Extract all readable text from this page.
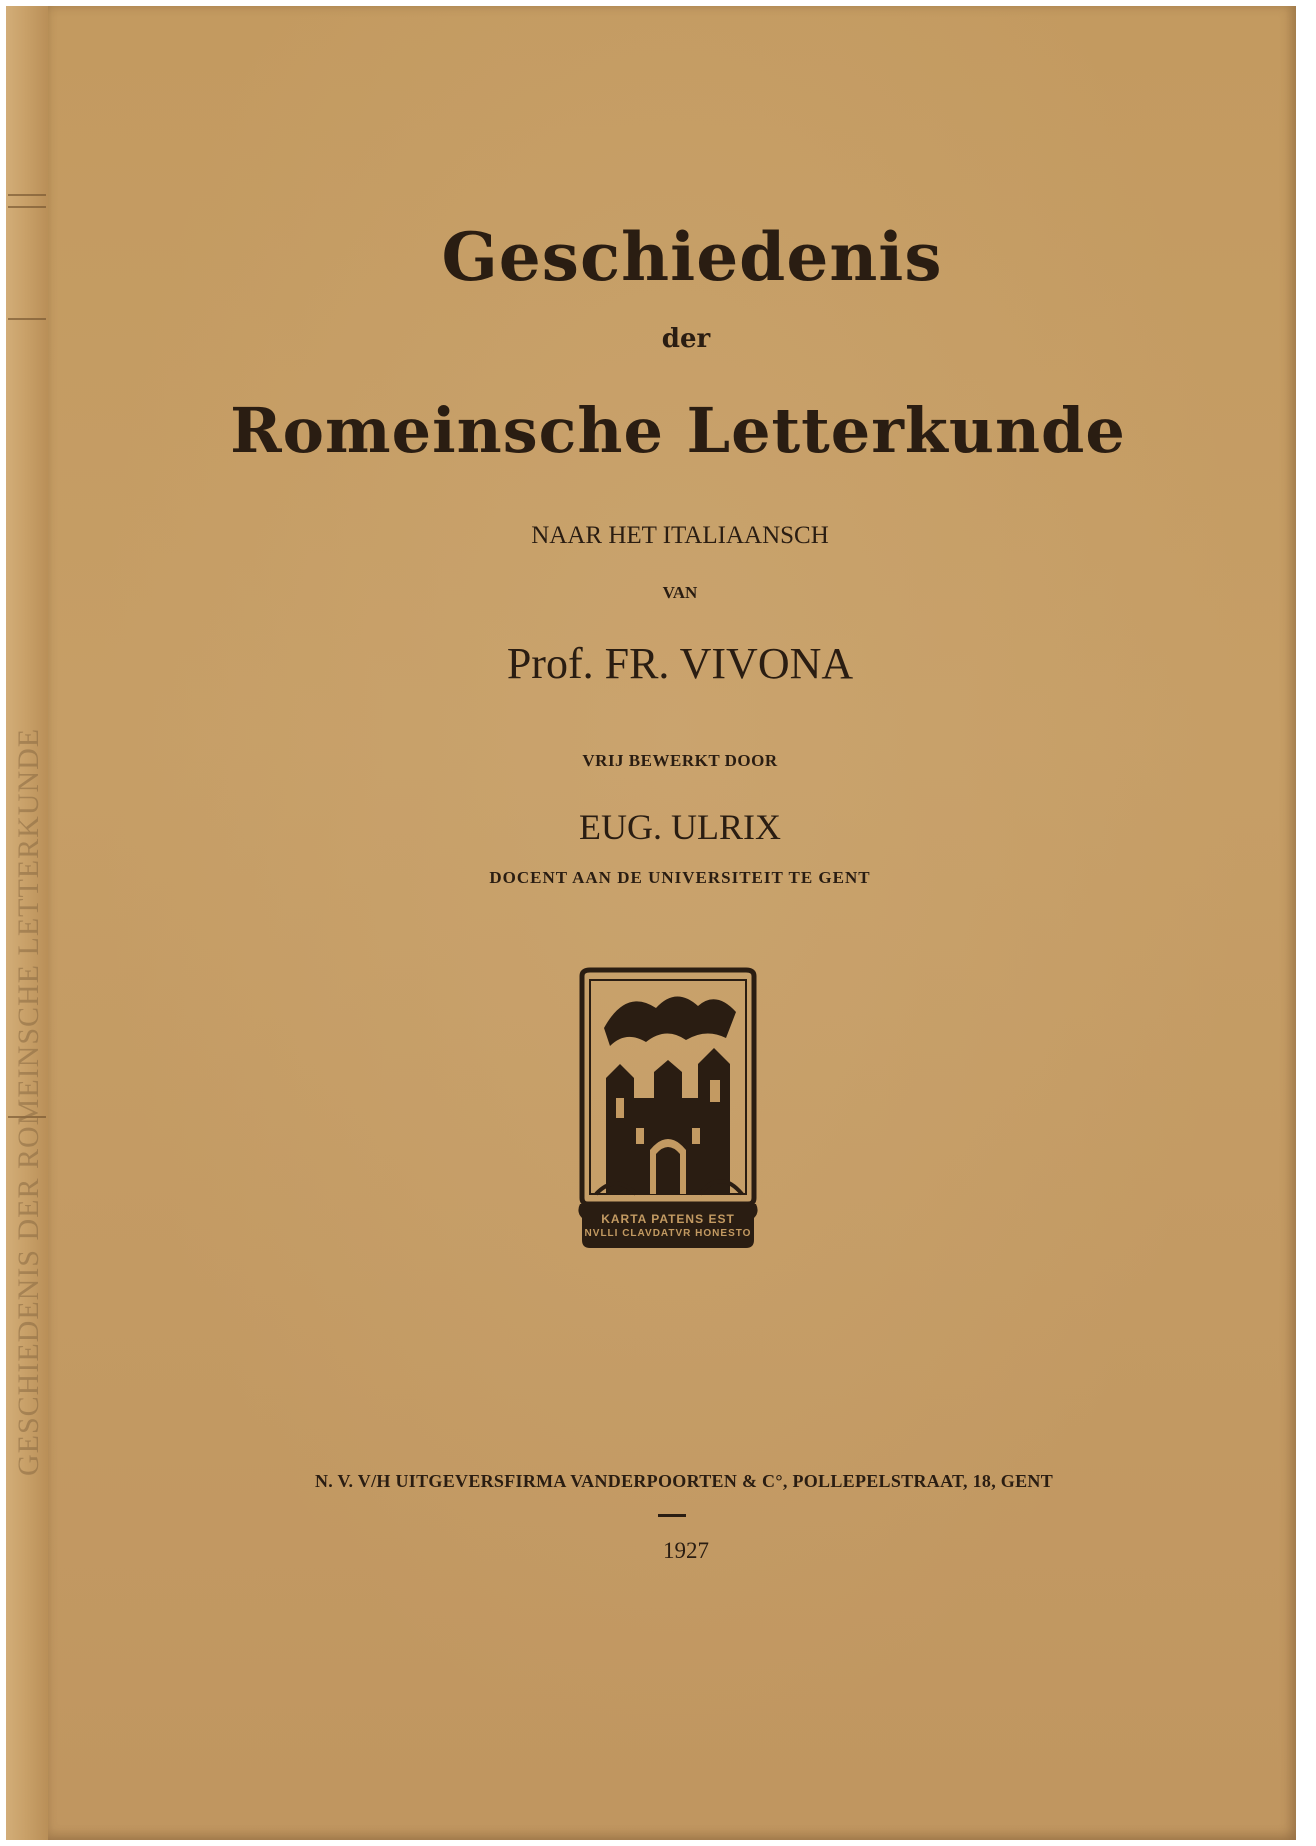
GESCHIEDENIS DER ROMEINSCHE LETTERKUNDE
Geschiedenis
der
Romeinsche Letterkunde
NAAR HET ITALIAANSCH
VAN
Prof. FR. VIVONA
VRIJ BEWERKT DOOR
EUG. ULRIX
DOCENT AAN DE UNIVERSITEIT TE GENT
KARTA PATENS EST
NVLLI CLAVDATVR HONESTO
N. V. V/H UITGEVERSFIRMA VANDERPOORTEN & C°, POLLEPELSTRAAT, 18, GENT
1927
